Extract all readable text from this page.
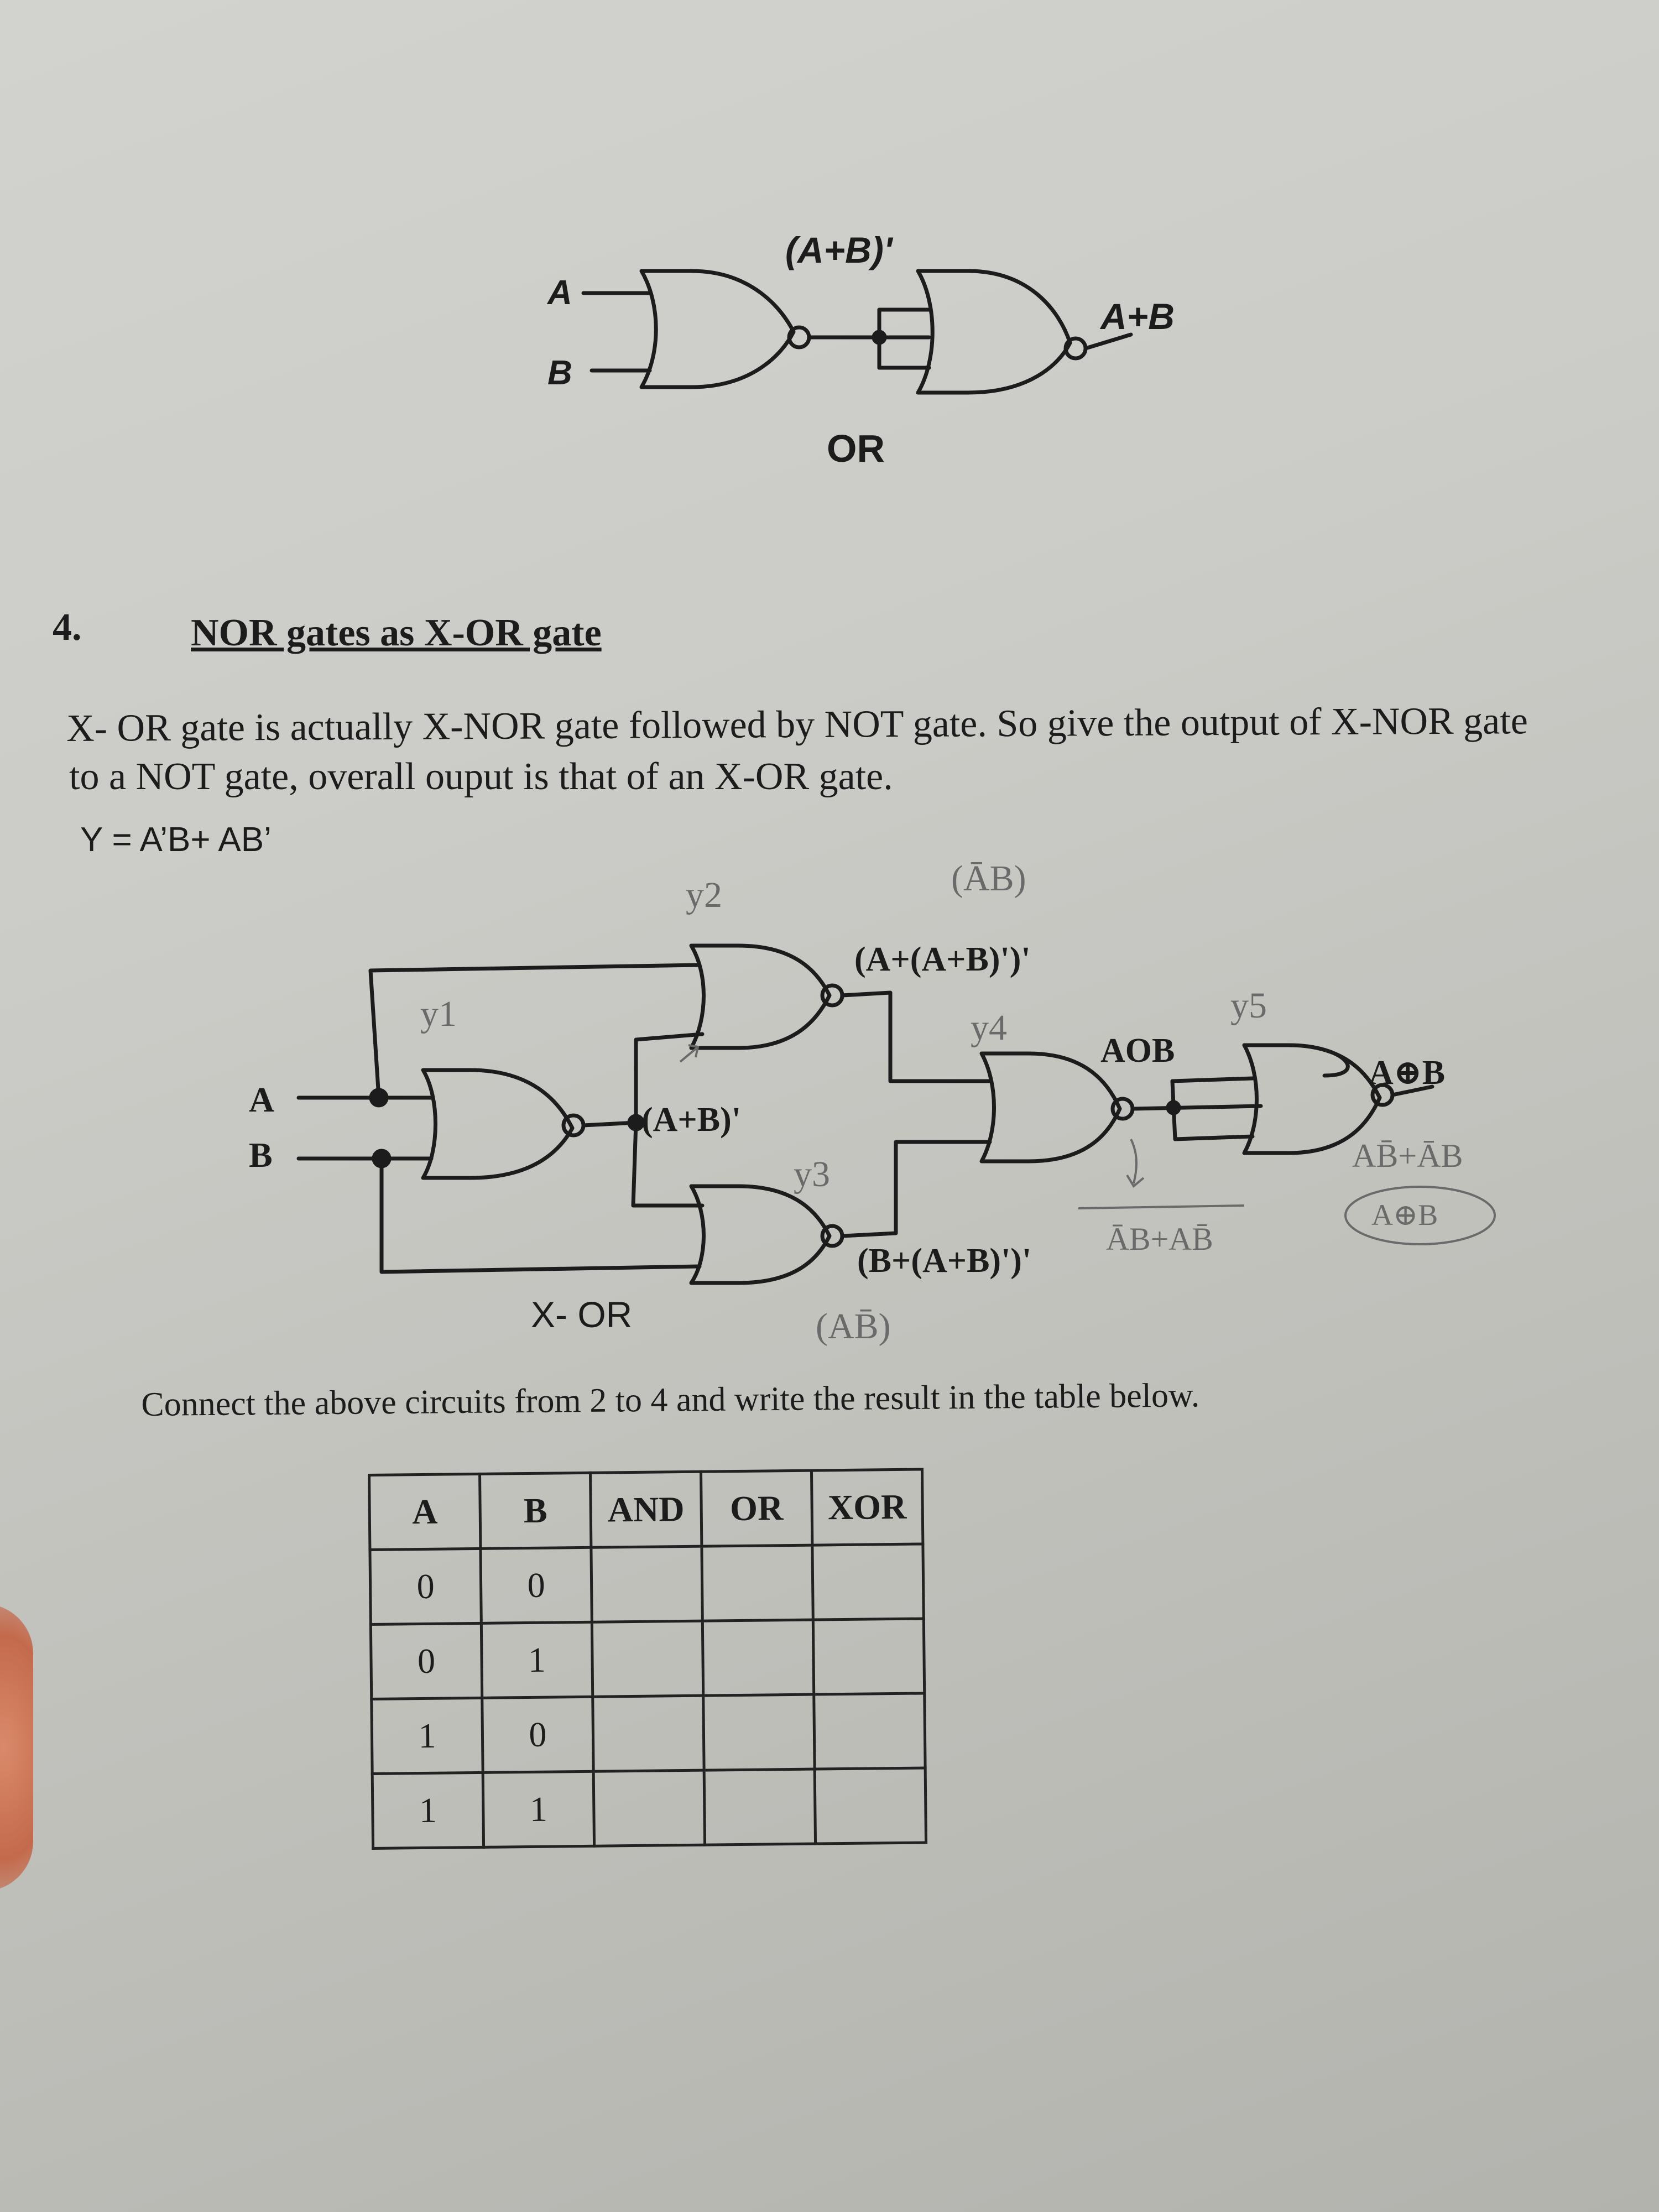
A
B
(A+B)'
A+B
OR
A
B
(A+B)'
(A+(A+B)')'
(B+(A+B)')'
AOB
A⊕B
X- OR
y1
y2
y3
y4
y5
(ĀB)
(AB̄)
ĀB+AB̄
AB̄+ĀB
A⊕B
4.	NOR gates as X-OR gate
X- OR gate is actually X-NOR gate followed by NOT gate. So give the output of X-NOR gate
to a NOT gate, overall ouput is that of an X-OR gate.
Y = A’B+ AB’
Connect the above circuits from 2 to 4 and write the result in the table below.
A	B	AND	OR	XOR
0	0			
0	1			
1	0			
1	1			
